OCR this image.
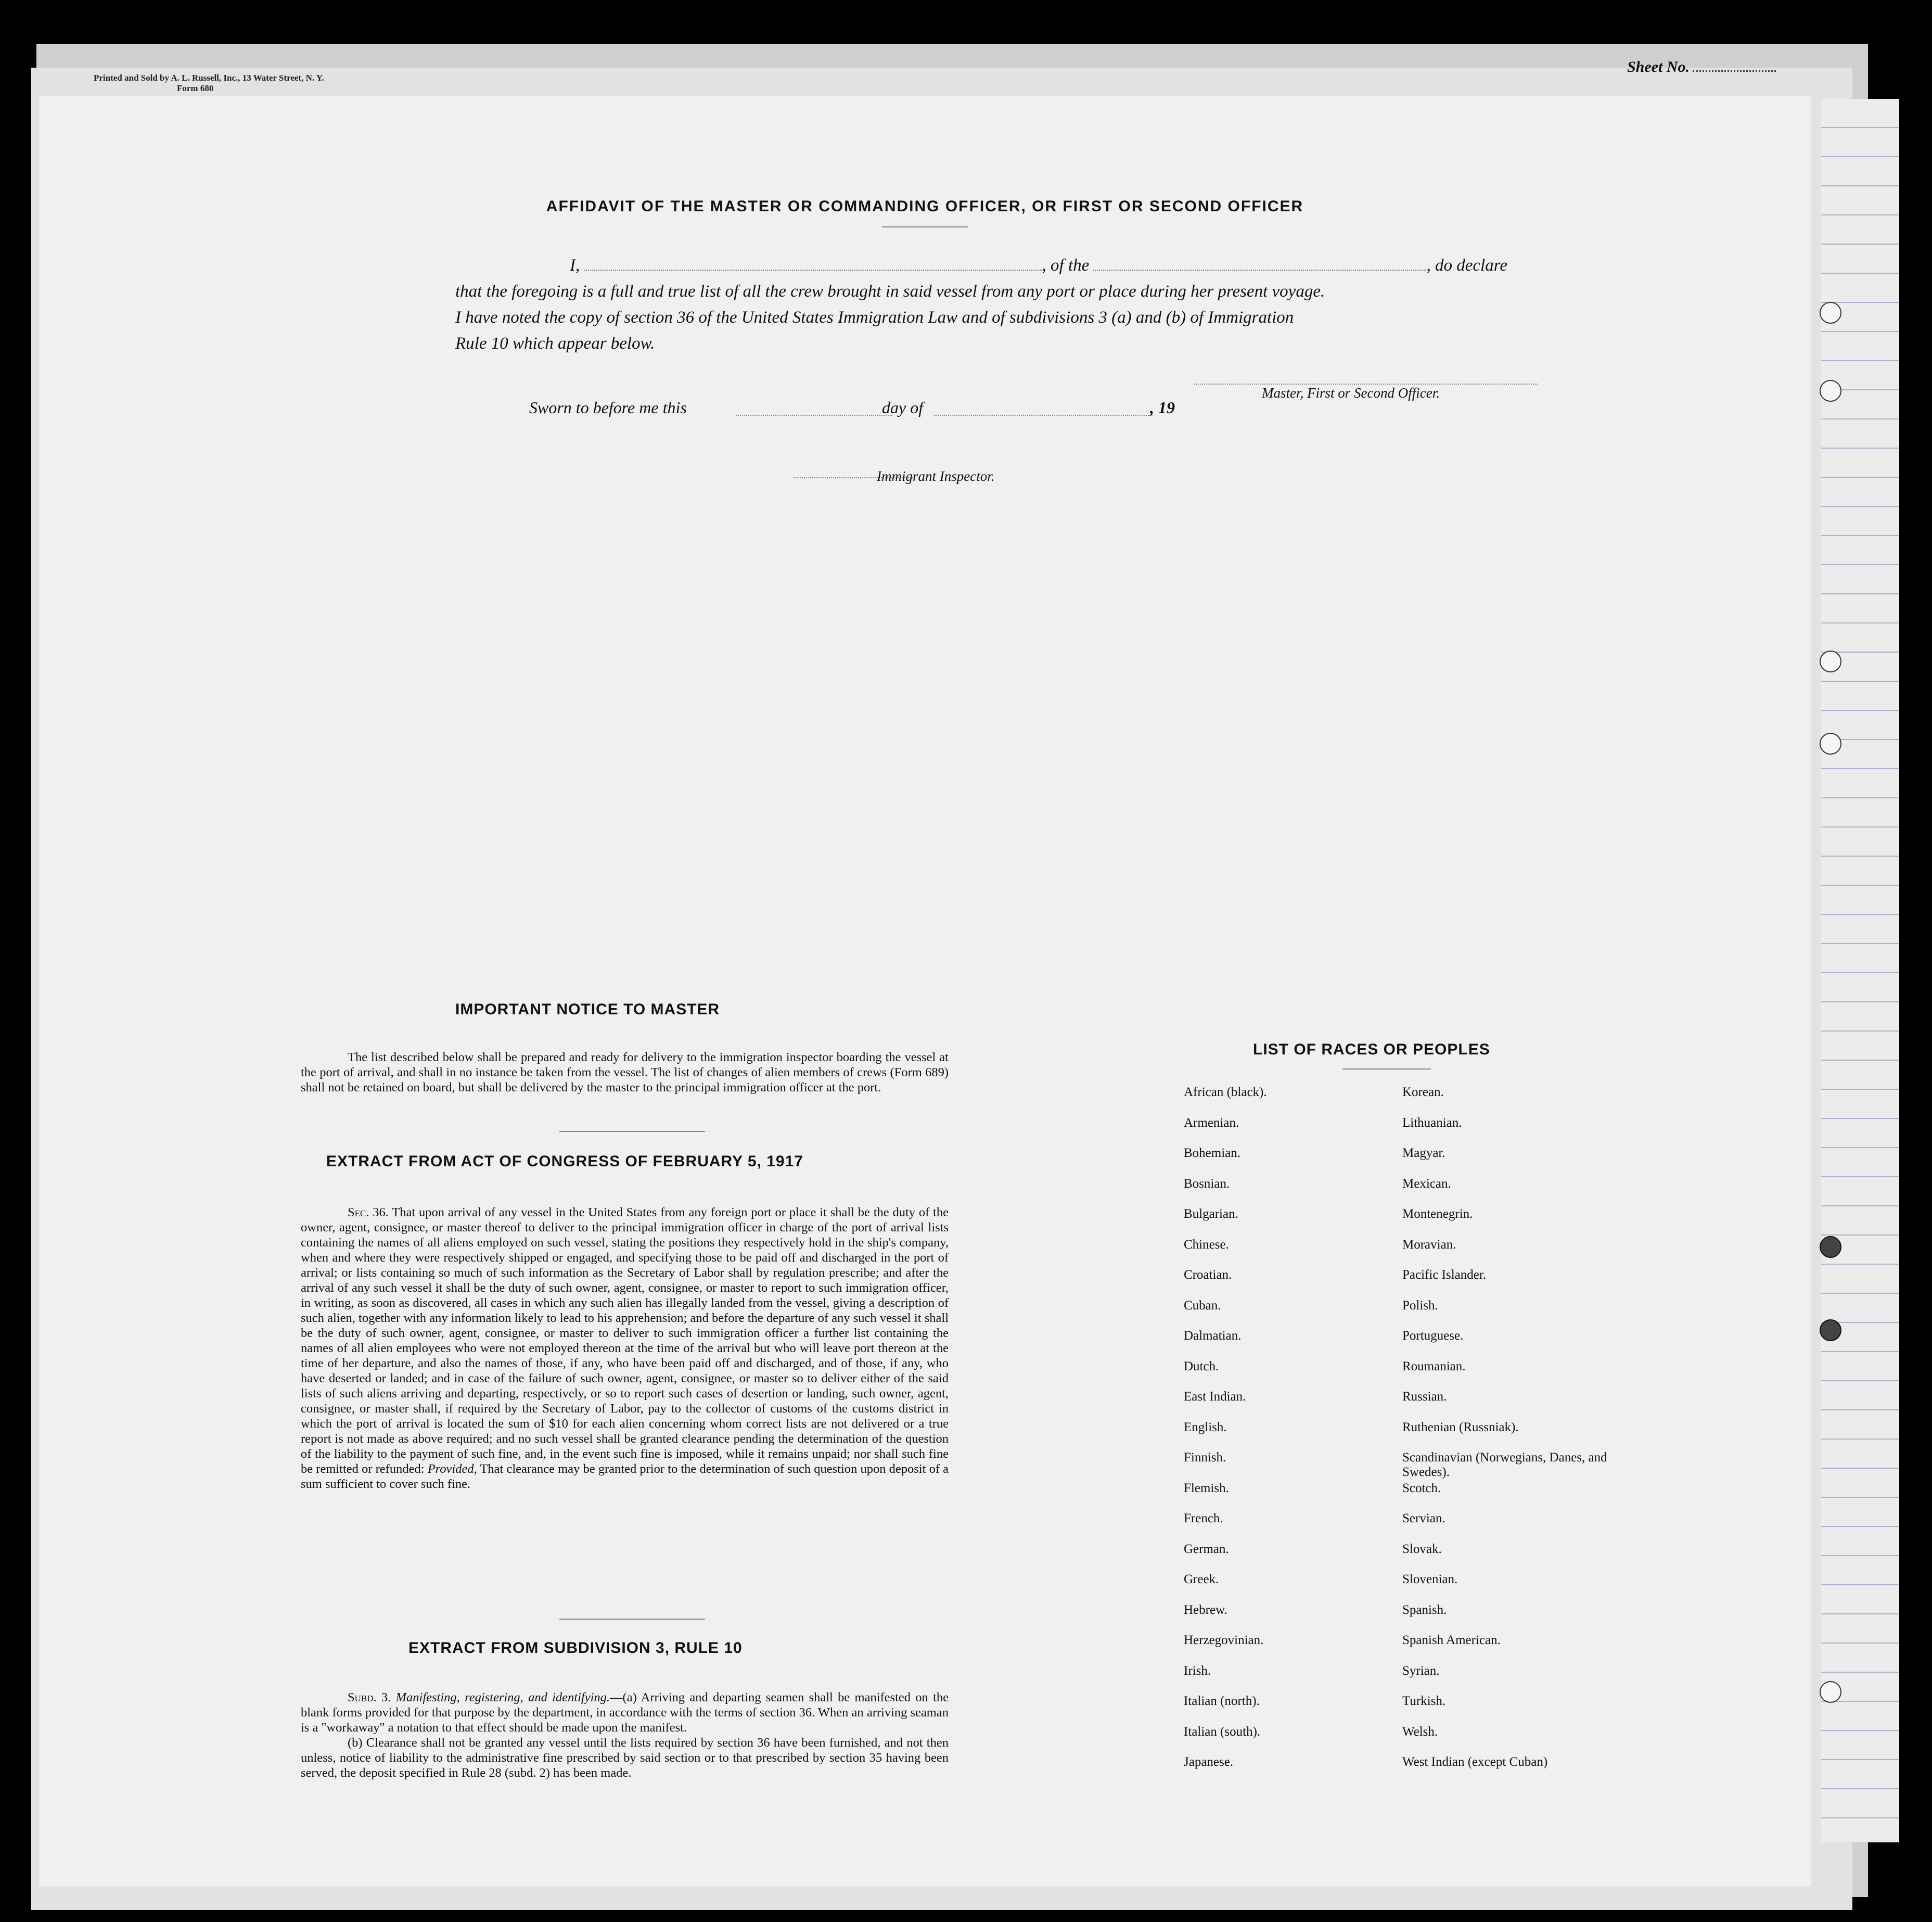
Sheet No.
Printed and Sold by A. L. Russell, Inc., 13 Water Street, N. Y.
Form 680
AFFIDAVIT OF THE MASTER OR COMMANDING OFFICER, OR FIRST OR SECOND OFFICER
I,	, of the	, do declare
that the foregoing is a full and true list of all the crew brought in said vessel from any port or place during her present voyage.
I have noted the copy of section 36 of the United States Immigration Law and of subdivisions 3 (a) and (b) of Immigration
Rule 10 which appear below.
Master, First or Second Officer.
Sworn to before me this	day of	, 19
Immigrant Inspector.
IMPORTANT NOTICE TO MASTER

The list described below shall be prepared and ready for delivery to the immigration inspector boarding the vessel at the port of arrival, and shall in no instance be taken from the vessel. The list of changes of alien members of crews (Form 689) shall not be retained on board, but shall be delivered by the master to the principal immigration officer at the port.

EXTRACT FROM ACT OF CONGRESS OF FEBRUARY 5, 1917

Sec. 36. That upon arrival of any vessel in the United States from any foreign port or place it shall be the duty of the owner, agent, consignee, or master thereof to deliver to the principal immigration officer in charge of the port of arrival lists containing the names of all aliens employed on such vessel, stating the positions they respectively hold in the ship's company, when and where they were respectively shipped or engaged, and specifying those to be paid off and discharged in the port of arrival; or lists containing so much of such information as the Secretary of Labor shall by regulation prescribe; and after the arrival of any such vessel it shall be the duty of such owner, agent, consignee, or master to report to such immigration officer, in writing, as soon as discovered, all cases in which any such alien has illegally landed from the vessel, giving a description of such alien, together with any information likely to lead to his apprehension; and before the departure of any such vessel it shall be the duty of such owner, agent, consignee, or master to deliver to such immigration officer a further list containing the names of all alien employees who were not employed thereon at the time of the arrival but who will leave port thereon at the time of her departure, and also the names of those, if any, who have been paid off and discharged, and of those, if any, who have deserted or landed; and in case of the failure of such owner, agent, consignee, or master so to deliver either of the said lists of such aliens arriving and departing, respectively, or so to report such cases of desertion or landing, such owner, agent, consignee, or master shall, if required by the Secretary of Labor, pay to the collector of customs of the customs district in which the port of arrival is located the sum of $10 for each alien concerning whom correct lists are not delivered or a true report is not made as above required; and no such vessel shall be granted clearance pending the determination of the question of the liability to the payment of such fine, and, in the event such fine is imposed, while it remains unpaid; nor shall such fine be remitted or refunded: Provided, That clearance may be granted prior to the determination of such question upon deposit of a sum sufficient to cover such fine.

EXTRACT FROM SUBDIVISION 3, RULE 10

Subd. 3. Manifesting, registering, and identifying.—(a) Arriving and departing seamen shall be manifested on the blank forms provided for that purpose by the department, in accordance with the terms of section 36. When an arriving seaman is a "workaway" a notation to that effect should be made upon the manifest.

(b) Clearance shall not be granted any vessel until the lists required by section 36 have been furnished, and not then unless, notice of liability to the administrative fine prescribed by said section or to that prescribed by section 35 having been served, the deposit specified in Rule 28 (subd. 2) has been made.

LIST OF RACES OR PEOPLES
African (black).
Armenian.
Bohemian.
Bosnian.
Bulgarian.
Chinese.
Croatian.
Cuban.
Dalmatian.
Dutch.
East Indian.
English.
Finnish.
Flemish.
French.
German.
Greek.
Hebrew.
Herzegovinian.
Irish.
Italian (north).
Italian (south).
Japanese.
Korean.
Lithuanian.
Magyar.
Mexican.
Montenegrin.
Moravian.
Pacific Islander.
Polish.
Portuguese.
Roumanian.
Russian.
Ruthenian (Russniak).
Scandinavian (Norwegians, Danes, and Swedes).
Scotch.
Servian.
Slovak.
Slovenian.
Spanish.
Spanish American.
Syrian.
Turkish.
Welsh.
West Indian (except Cuban)
